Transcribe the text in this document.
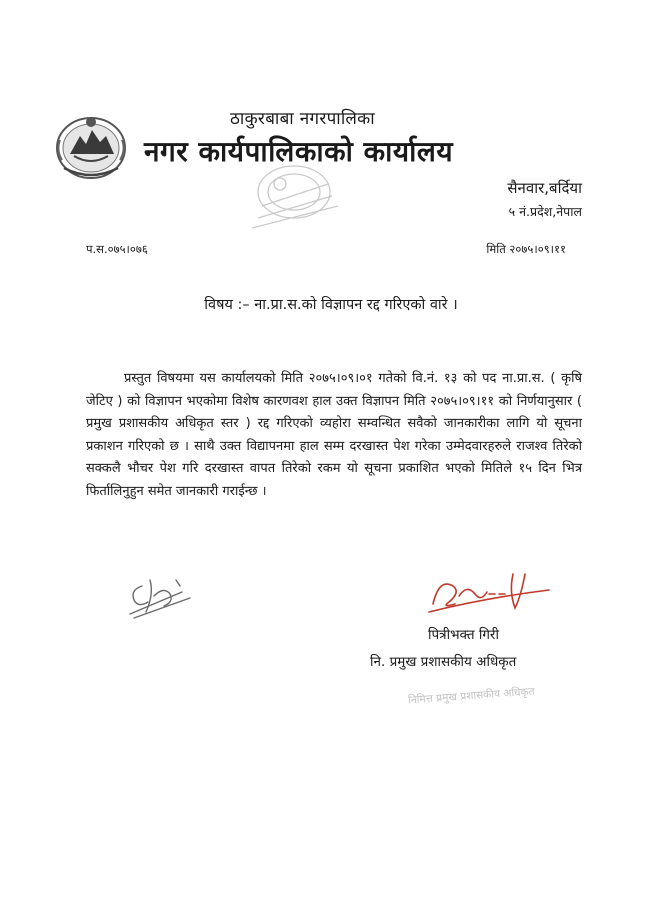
ठाकुरबाबा नगरपालिका
नगर कार्यपालिकाको कार्यालय
सैनवार,बर्दिया
५ नं.प्रदेश,नेपाल
प.स.०७५।०७६	मिति २०७५।०९।११
विषय :– ना.प्रा.स.को विज्ञापन रद्द गरिएको वारे ।
प्रस्तुत विषयमा यस कार्यालयको मिति २०७५।०९।०१ गतेको वि.नं. १३ को पद ना.प्रा.स. ( कृषि जेटिए ) को विज्ञापन भएकोमा विशेष कारणवश हाल उक्त विज्ञापन मिति २०७५।०९।११ को निर्णयानुसार ( प्रमुख प्रशासकीय अधिकृत स्तर ) रद्द गरिएको व्यहोरा सम्वन्धित सवैको जानकारीका लागि यो सूचना प्रकाशन गरिएको छ । साथै उक्त विद्यापनमा हाल सम्म दरखास्त पेश गरेका उम्मेदवारहरुले राजश्व तिरेको सक्कलै भौचर पेश गरि दरखास्त वापत तिरेको रकम यो सूचना प्रकाशित भएको मितिले १५ दिन भित्र फिर्तालिनुहुन समेत जानकारी गराईन्छ ।
पित्रीभक्त गिरी
नि. प्रमुख प्रशासकीय अधिकृत
निमित्त प्रमुख प्रशासकीय अधिकृत
